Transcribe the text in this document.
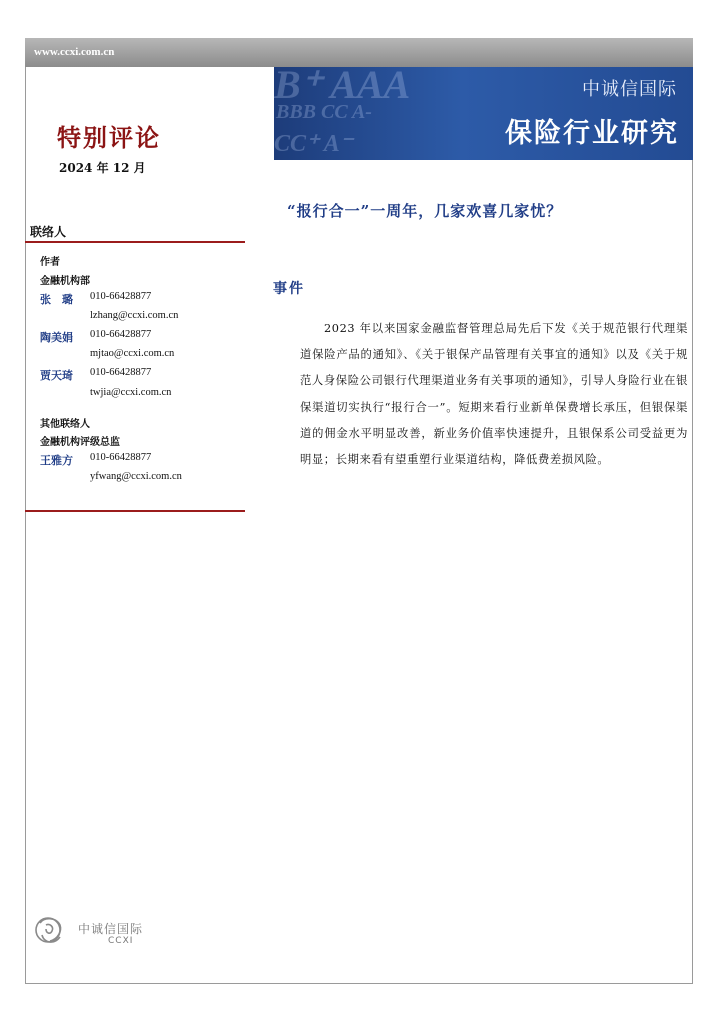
www.ccxi.com.cn
B⁺ AAA
BBB CC A-
CC⁺ A⁻
中诚信国际
保险行业研究
特别评论
2024 年 12 月
“报行合一”一周年，几家欢喜几家忧？
联络人
作者
金融机构部
张　璐 010-66428877
lzhang@ccxi.com.cn
陶美娟 010-66428877
mjtao@ccxi.com.cn
贾天琦 010-66428877
twjia@ccxi.com.cn
其他联络人
金融机构评级总监
王雅方 010-66428877
yfwang@ccxi.com.cn
事件
2023 年以来国家金融监督管理总局先后下发《关于规范银行代理渠道保险产品的通知》、《关于银保产品管理有关事宜的通知》以及《关于规范人身保险公司银行代理渠道业务有关事项的通知》，引导人身险行业在银保渠道切实执行“报行合一”。短期来看行业新单保费增长承压，但银保渠道的佣金水平明显改善，新业务价值率快速提升，且银保系公司受益更为明显；长期来看有望重塑行业渠道结构，降低费差损风险。
中诚信国际
CCXI
